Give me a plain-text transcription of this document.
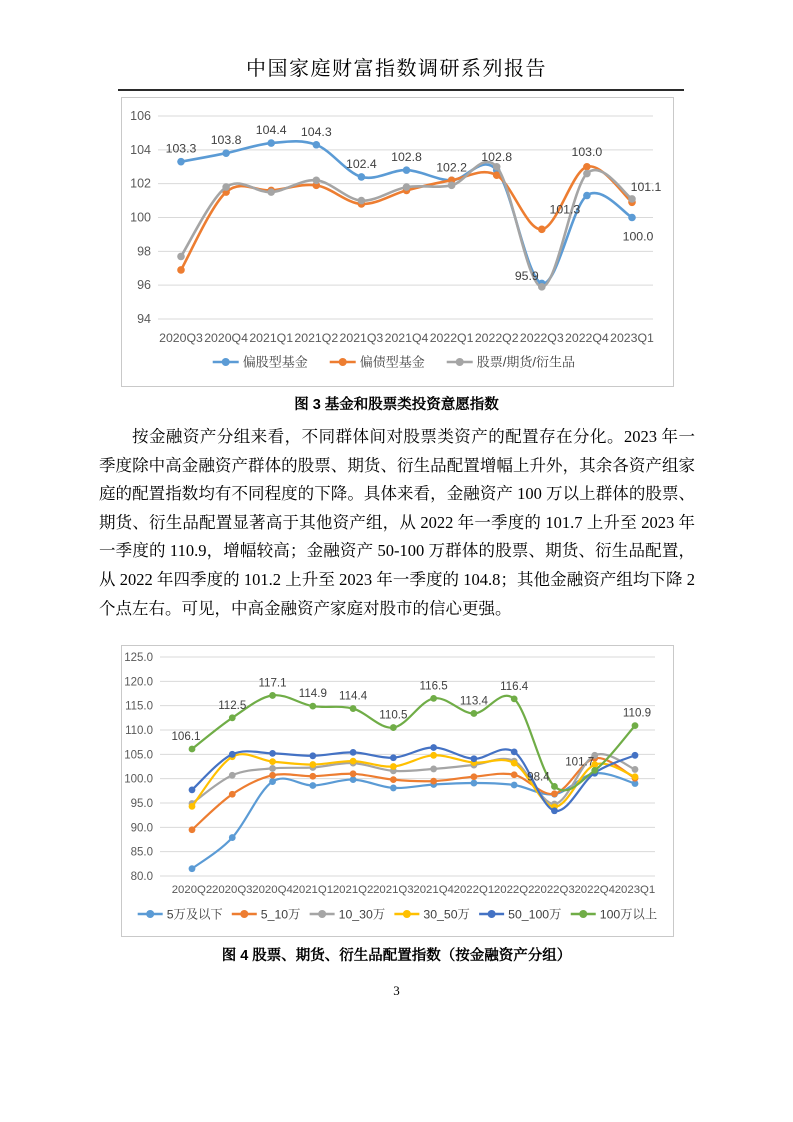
中国家庭财富指数调研系列报告
106
104
102
100
98
96
94
2020Q3 2020Q4 2021Q1 2021Q2 2021Q3 2021Q4 2022Q1 2022Q2 2022Q3 2022Q4 2023Q1
103.3
103.8
104.4 104.3
102.4 102.8
102.2
102.8
101.3
100.0
103.0
95.9
101.1
偏股型基金	偏债型基金	股票/期货/衍生品
图 3 基金和股票类投资意愿指数
按金融资产分组来看，不同群体间对股票类资产的配置存在分化。2023 年一季度除中高金融资产群体的股票、期货、衍生品配置增幅上升外，其余各资产组家庭的配置指数均有不同程度的下降。具体来看，金融资产 100 万以上群体的股票、期货、衍生品配置显著高于其他资产组，从 2022 年一季度的 101.7 上升至 2023 年一季度的 110.9，增幅较高；金融资产 50-100 万群体的股票、期货、衍生品配置，从 2022 年四季度的 101.2 上升至 2023 年一季度的 104.8；其他金融资产组均下降 2 个点左右。可见，中高金融资产家庭对股市的信心更强。
125.0
120.0
115.0
110.0
105.0
100.0
95.0
90.0
85.0
80.0
2020Q2 2020Q3 2020Q4 2021Q1 2021Q2 2021Q3 2021Q4 2022Q1 2022Q2 2022Q3 2022Q4 2023Q1
106.1
112.5
117.1
114.9 114.4
110.5
116.5
113.4
116.4
98.4
101.7
110.9
5万及以下	5_10万	10_30万	30_50万	50_100万	100万以上
图 4 股票、期货、衍生品配置指数（按金融资产分组）
3
